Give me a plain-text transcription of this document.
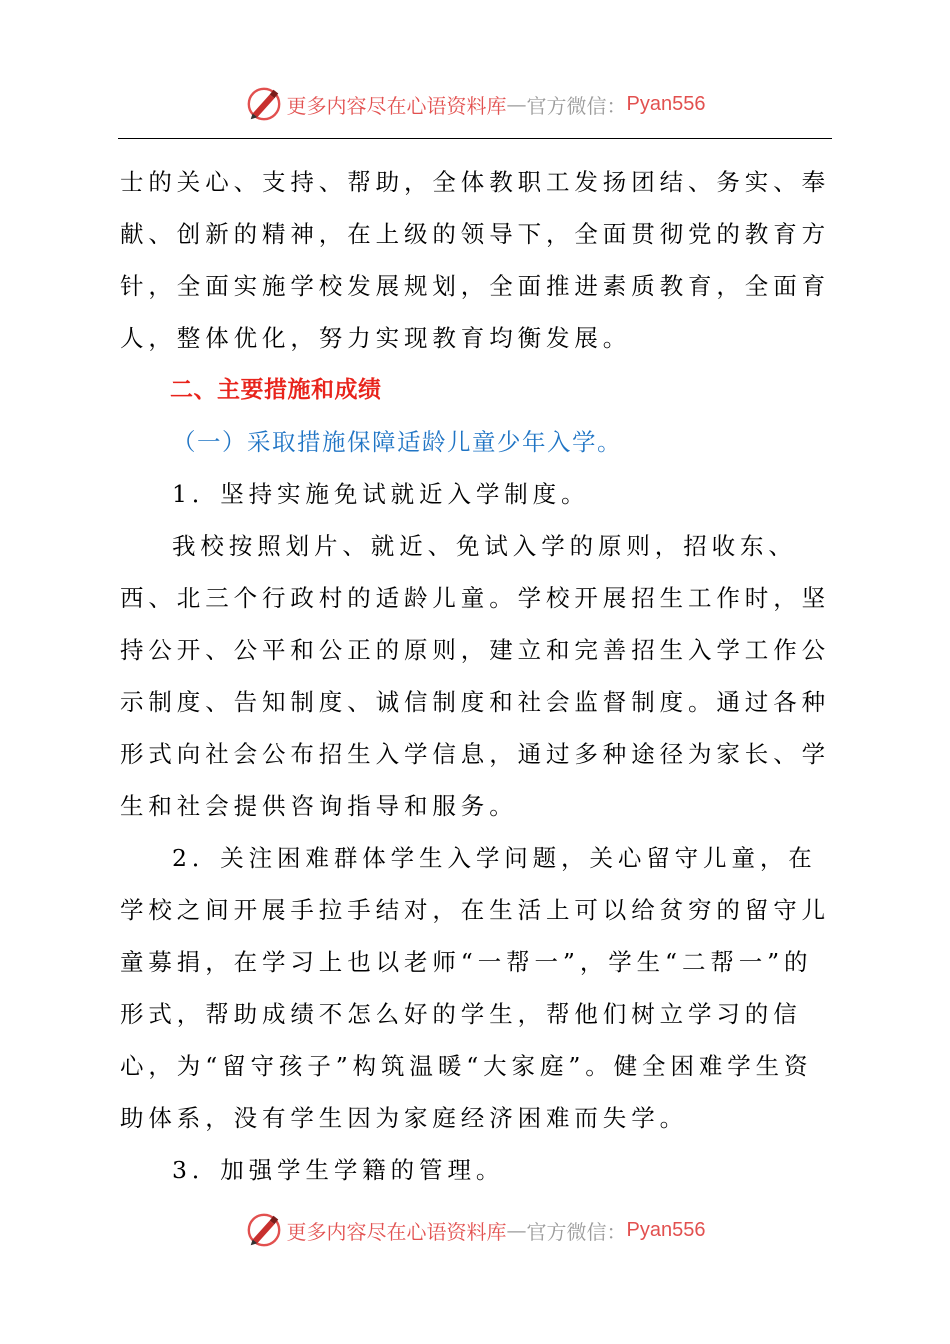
更多内容尽在心语资料库 — 官方微信： Pyan556

士的关心、支持、帮助，全体教职工发扬团结、务实、奉献、创新的精神，在上级的领导下，全面贯彻党的教育方针，全面实施学校发展规划，全面推进素质教育，全面育人，整体优化，努力实现教育均衡发展。

二、主要措施和成绩

（一）采取措施保障适龄儿童少年入学。

1．坚持实施免试就近入学制度。

我校按照划片、就近、免试入学的原则，招收东、西、北三个行政村的适龄儿童。学校开展招生工作时，坚持公开、公平和公正的原则，建立和完善招生入学工作公示制度、告知制度、诚信制度和社会监督制度。通过各种形式向社会公布招生入学信息，通过多种途径为家长、学生和社会提供咨询指导和服务。

2．关注困难群体学生入学问题，关心留守儿童，在学校之间开展手拉手结对，在生活上可以给贫穷的留守儿童募捐，在学习上也以老师“一帮一”，学生“二帮一”的形式，帮助成绩不怎么好的学生，帮他们树立学习的信心，为“留守孩子”构筑温暖“大家庭”。健全困难学生资助体系，没有学生因为家庭经济困难而失学。

3．加强学生学籍的管理。

更多内容尽在心语资料库 — 官方微信： Pyan556
